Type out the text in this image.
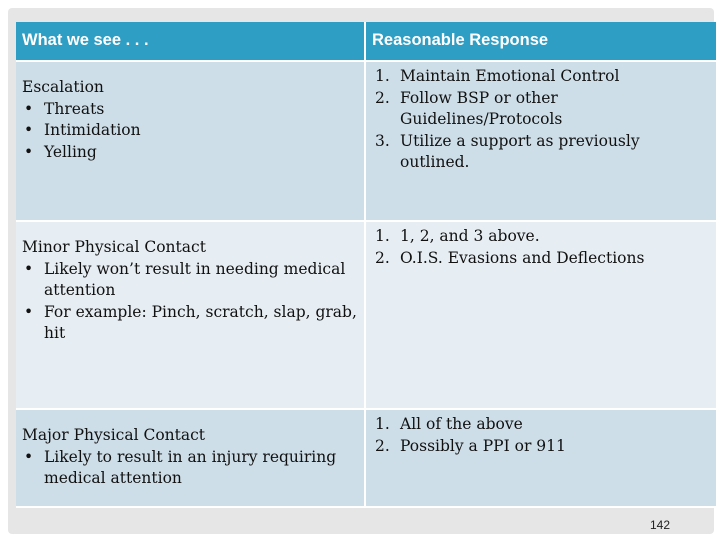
What we see . . .	Reasonable Response
Escalation
• Threats
• Intimidation
• Yelling
1. Maintain Emotional Control
2. Follow BSP or other Guidelines/Protocols
3. Utilize a support as previously outlined.
Minor Physical Contact
• Likely won’t result in needing medical attention
• For example: Pinch, scratch, slap, grab, hit
1. 1, 2, and 3 above.
2. O.I.S. Evasions and Deflections
Major Physical Contact
• Likely to result in an injury requiring medical attention
1. All of the above
2. Possibly a PPI or 911
142
